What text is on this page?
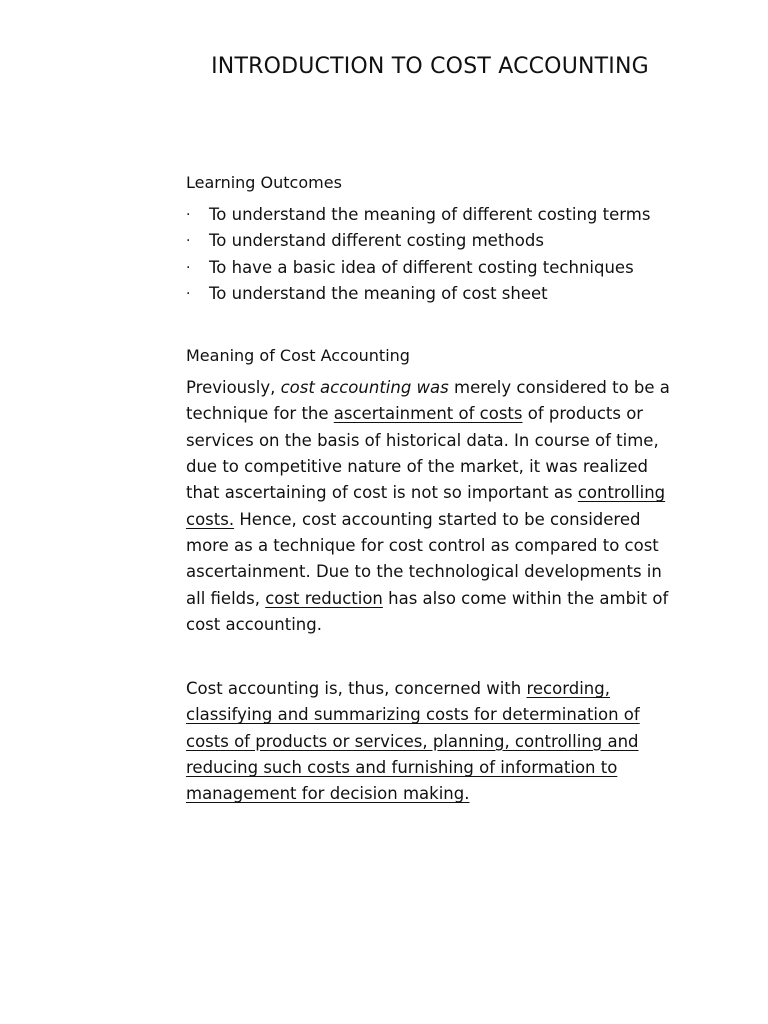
INTRODUCTION TO COST ACCOUNTING
Learning Outcomes
· To understand the meaning of different costing terms
· To understand different costing methods
· To have a basic idea of different costing techniques
· To understand the meaning of cost sheet
Meaning of Cost Accounting

Previously, cost accounting was merely considered to be a technique for the ascertainment of costs of products or services on the basis of historical data. In course of time, due to competitive nature of the market, it was realized that ascertaining of cost is not so important as controlling costs. Hence, cost accounting started to be considered more as a technique for cost control as compared to cost ascertainment. Due to the technological developments in all fields, cost reduction has also come within the ambit of cost accounting.

Cost accounting is, thus, concerned with recording, classifying and summarizing costs for determination of costs of products or services, planning, controlling and reducing such costs and furnishing of information to management for decision making.
